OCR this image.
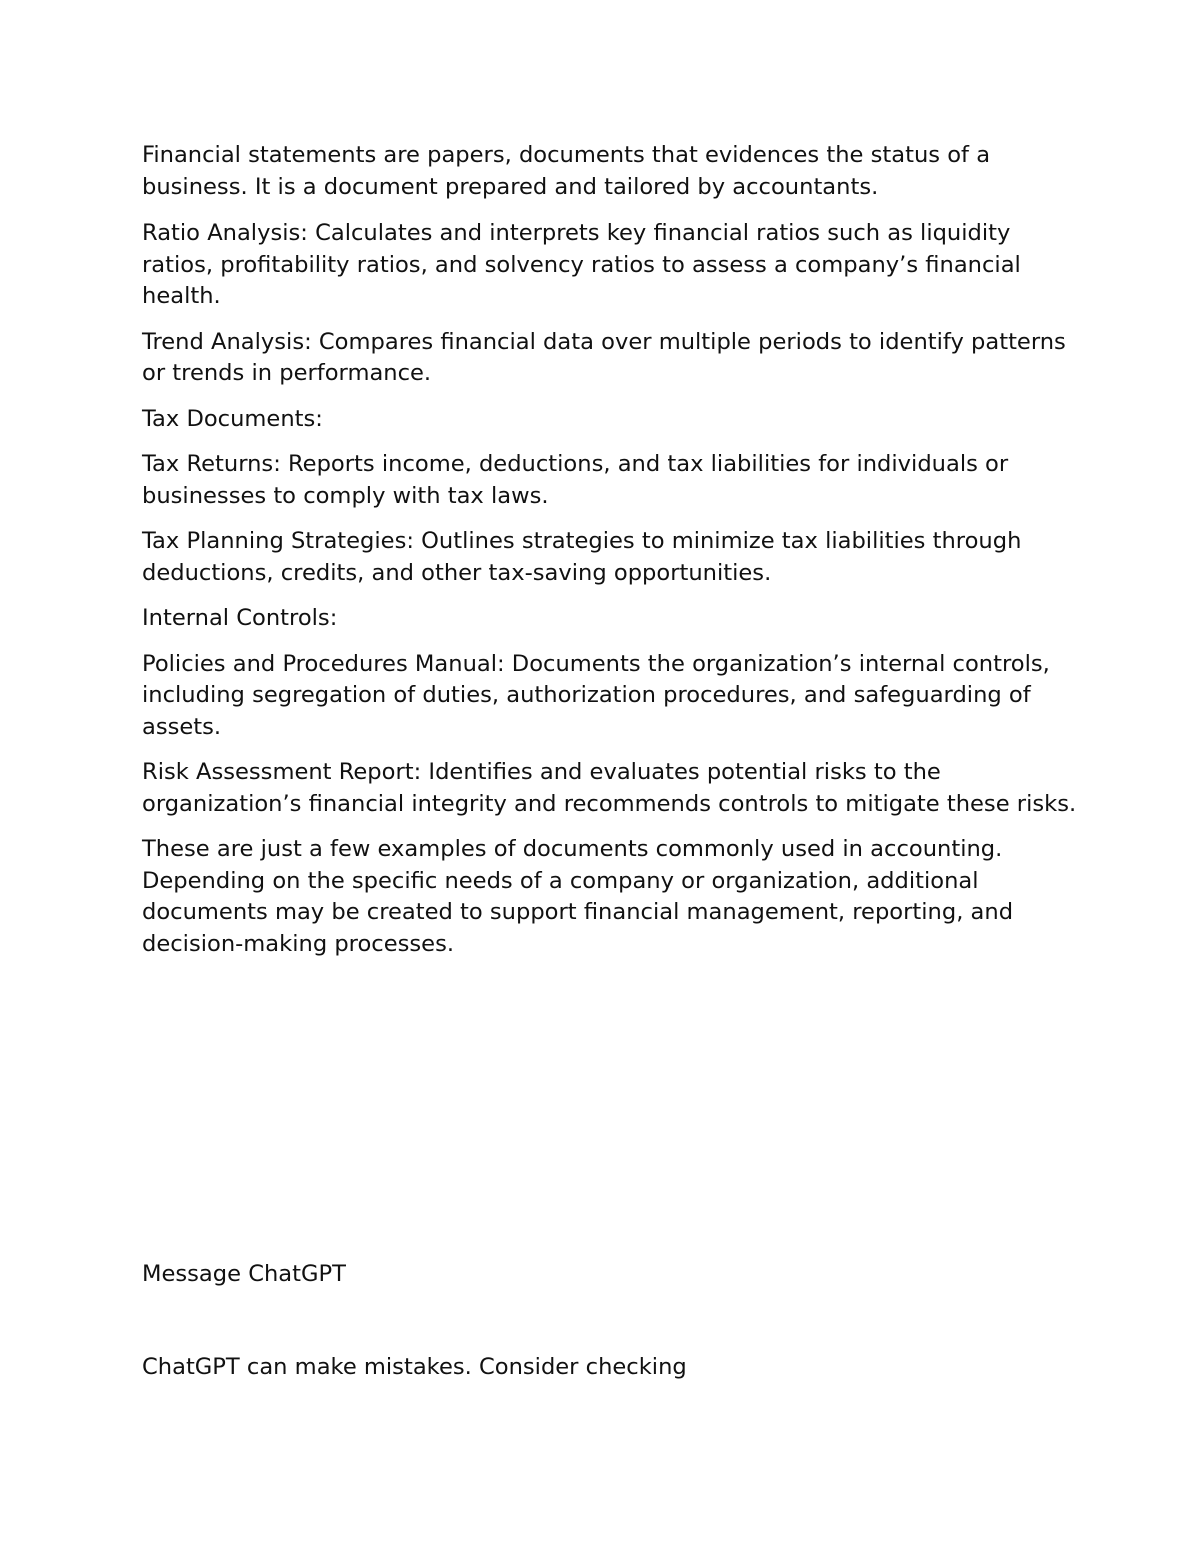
Financial statements are papers, documents that evidences the status of a business. It is a document prepared and tailored by accountants.

Ratio Analysis: Calculates and interprets key financial ratios such as liquidity ratios, profitability ratios, and solvency ratios to assess a company’s financial health.

Trend Analysis: Compares financial data over multiple periods to identify patterns or trends in performance.

Tax Documents:

Tax Returns: Reports income, deductions, and tax liabilities for individuals or businesses to comply with tax laws.

Tax Planning Strategies: Outlines strategies to minimize tax liabilities through deductions, credits, and other tax-saving opportunities.

Internal Controls:

Policies and Procedures Manual: Documents the organization’s internal controls, including segregation of duties, authorization procedures, and safeguarding of assets.

Risk Assessment Report: Identifies and evaluates potential risks to the organization’s financial integrity and recommends controls to mitigate these risks.

These are just a few examples of documents commonly used in accounting. Depending on the specific needs of a company or organization, additional documents may be created to support financial management, reporting, and decision-making processes.

Message ChatGPT

ChatGPT can make mistakes. Consider checking
